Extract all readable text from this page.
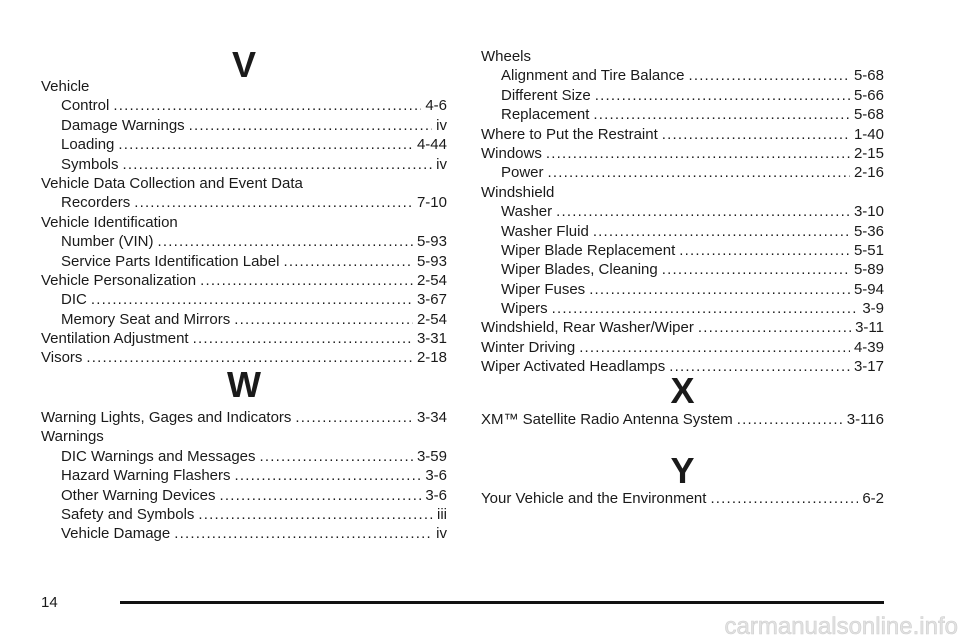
V
Vehicle
Control .....	4-6
Damage Warnings .....	iv
Loading .....	4-44
Symbols .....	iv
Vehicle Data Collection and Event Data
Recorders .....	7-10
Vehicle Identification
Number (VIN) .....	5-93
Service Parts Identification Label .....	5-93
Vehicle Personalization .....	2-54
DIC .....	3-67
Memory Seat and Mirrors .....	2-54
Ventilation Adjustment .....	3-31
Visors .....	2-18
W
Warning Lights, Gages and Indicators .....	3-34
Warnings
DIC Warnings and Messages .....	3-59
Hazard Warning Flashers .....	3-6
Other Warning Devices .....	3-6
Safety and Symbols .....	iii
Vehicle Damage .....	iv
Wheels
Alignment and Tire Balance .....	5-68
Different Size .....	5-66
Replacement .....	5-68
Where to Put the Restraint .....	1-40
Windows .....	2-15
Power .....	2-16
Windshield
Washer .....	3-10
Washer Fluid .....	5-36
Wiper Blade Replacement .....	5-51
Wiper Blades, Cleaning .....	5-89
Wiper Fuses .....	5-94
Wipers .....	3-9
Windshield, Rear Washer/Wiper .....	3-11
Winter Driving .....	4-39
Wiper Activated Headlamps .....	3-17
X
XM™ Satellite Radio Antenna System .....	3-116
Y
Your Vehicle and the Environment .....	6-2
14
carmanualsonline.info
